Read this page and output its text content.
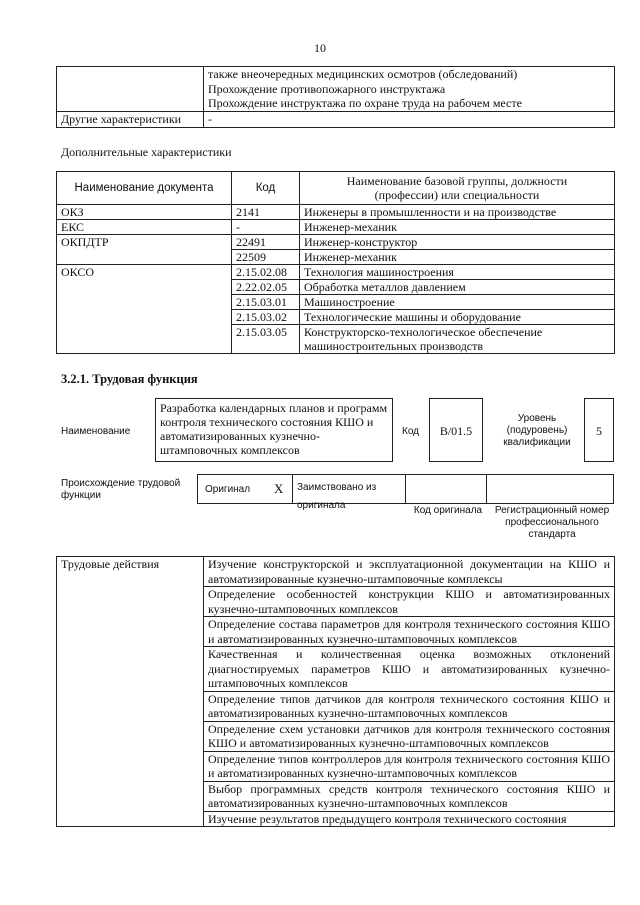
10

	также внеочередных медицинских осмотров (обследований)
Прохождение противопожарного инструктажа
Прохождение инструктажа по охране труда на рабочем месте

Другие характеристики	-
Дополнительные характеристики
Наименование документа	Код	Наименование базовой группы, должности (профессии) или специальности
ОКЗ	2141	Инженеры в промышленности и на производстве
ЕКС	-	Инженер-механик
ОКПДТР	22491	Инженер-конструктор
	22509	Инженер-механик
ОКСО	2.15.02.08	Технология машиностроения
	2.22.02.05	Обработка металлов давлением
	2.15.03.01	Машиностроение
	2.15.03.02	Технологические машины и оборудование
	2.15.03.05	Конструкторско-технологическое обеспечение машиностроительных производств
3.2.1. Трудовая функция
Наименование
Разработка календарных планов и программ контроля технического состояния КШО и автоматизированных кузнечно-штамповочных комплексов
Код	B/01.5
Уровень (подуровень) квалификации
5
Происхождение трудовой функции
Оригинал X	Заимствовано из оригинала	Код оригинала	Регистрационный номер профессионального стандарта
Трудовые действия	Изучение конструкторской и эксплуатационной документации на КШО и автоматизированные кузнечно-штамповочные комплексы
Определение особенностей конструкции КШО и автоматизированных кузнечно-штамповочных комплексов
Определение состава параметров для контроля технического состояния КШО и автоматизированных кузнечно-штамповочных комплексов
Качественная и количественная оценка возможных отклонений диагностируемых параметров КШО и автоматизированных кузнечно-штамповочных комплексов
Определение типов датчиков для контроля технического состояния КШО и автоматизированных кузнечно-штамповочных комплексов
Определение схем установки датчиков для контроля технического состояния КШО и автоматизированных кузнечно-штамповочных комплексов
Определение типов контроллеров для контроля технического состояния КШО и автоматизированных кузнечно-штамповочных комплексов
Выбор программных средств контроля технического состояния КШО и автоматизированных кузнечно-штамповочных комплексов
Изучение результатов предыдущего контроля технического состояния
